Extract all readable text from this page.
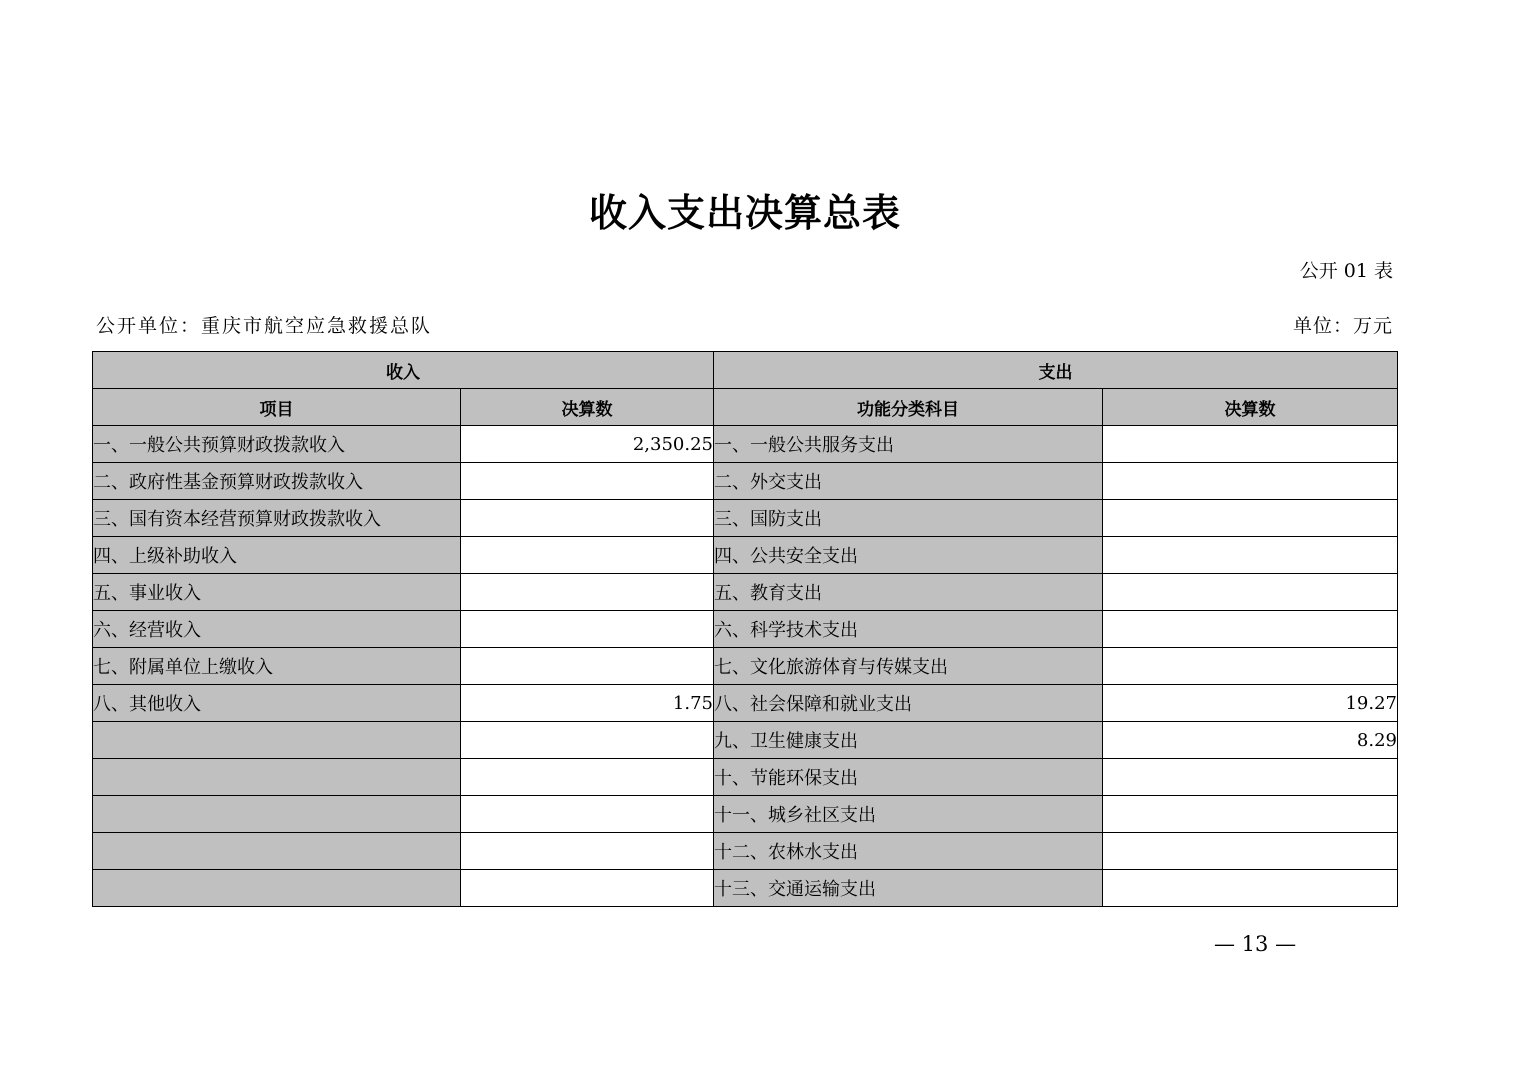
收入支出决算总表
公开 01 表
公开单位：重庆市航空应急救援总队	单位：万元
收入		支出	
项目	决算数	功能分类科目	决算数
一、一般公共预算财政拨款收入	2,350.25	一、一般公共服务支出	
二、政府性基金预算财政拨款收入		二、外交支出	
三、国有资本经营预算财政拨款收入		三、国防支出	
四、上级补助收入		四、公共安全支出	
五、事业收入		五、教育支出	
六、经营收入		六、科学技术支出	
七、附属单位上缴收入		七、文化旅游体育与传媒支出	
八、其他收入	1.75	八、社会保障和就业支出	19.27
		九、卫生健康支出	8.29
		十、节能环保支出	
		十一、城乡社区支出	
		十二、农林水支出	
		十三、交通运输支出	
— 13 —
